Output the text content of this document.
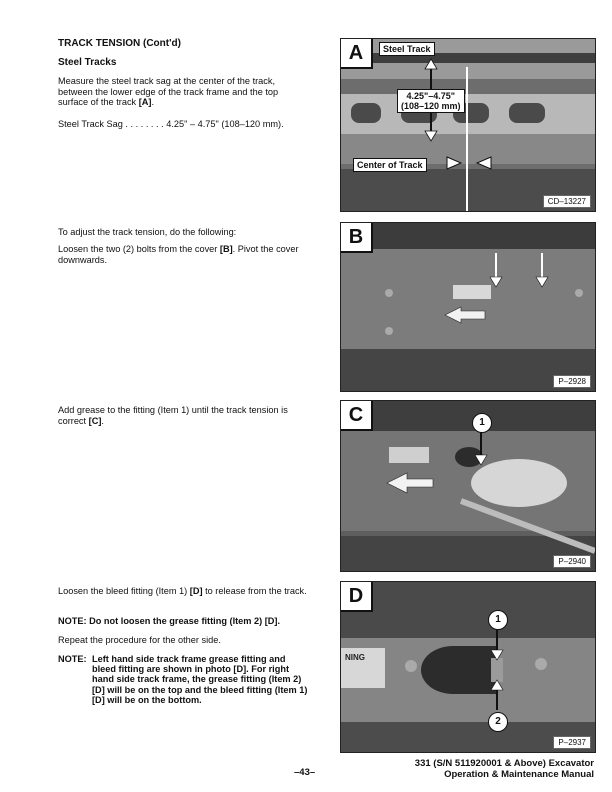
TRACK TENSION (Cont'd)
Steel Tracks
Measure the steel track sag at the center of the track, between the lower edge of the track frame and the top surface of the track [A].
Steel Track Sag . . . . . . . . 4.25" – 4.75" (108–120 mm).
To adjust the track tension, do the following:
Loosen the two (2) bolts from the cover [B]. Pivot the cover downwards.
Add grease to the fitting (Item 1) until the track tension is correct [C].
Loosen the bleed fitting (Item 1) [D] to release from the track.
NOTE: Do not loosen the grease fitting (Item 2) [D].
Repeat the procedure for the other side.
NOTE: Left hand side track frame grease fitting and bleed fitting are shown in photo [D]. For right hand side track frame, the grease fitting (Item 2) [D] will be on the top and the bleed fitting (Item 1) [D] will be on the bottom.
A	Steel Track
4.25"–4.75"
(108–120 mm)
Center of Track
CD–13227
B
P–2928
C	1
P–2940
D
NING
1
2
P–2937
–43–
331 (S/N 511920001 & Above) Excavator
Operation & Maintenance Manual
